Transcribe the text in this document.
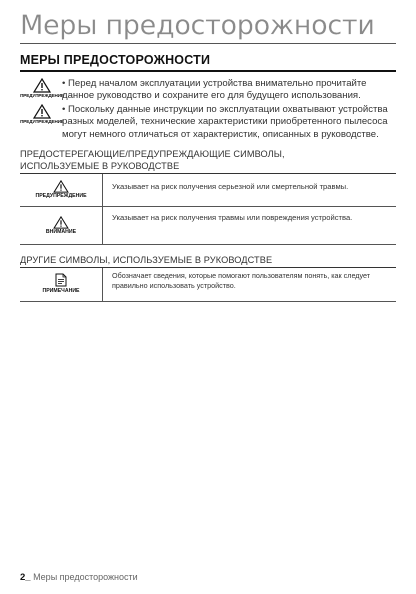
Меры предосторожности
МЕРЫ ПРЕДОСТОРОЖНОСТИ
ПРЕДУПРЕЖДЕНИЕ
• Перед началом эксплуатации устройства внимательно прочитайте данное руководство и сохраните его для будущего использования.
ПРЕДУПРЕЖДЕНИЕ
• Поскольку данные инструкции по эксплуатации охватывают устройства разных моделей, технические характеристики приобретенного пылесоса могут немного отличаться от характеристик, описанных в руководстве.
ПРЕДОСТЕРЕГАЮЩИЕ/ПРЕДУПРЕЖДАЮЩИЕ СИМВОЛЫ,
ИСПОЛЬЗУЕМЫЕ В РУКОВОДСТВЕ
ПРЕДУПРЕЖДЕНИЕ
Указывает на риск получения серьезной или смертельной травмы.
ВНИМАНИЕ
Указывает на риск получения травмы или повреждения устройства.
ДРУГИЕ СИМВОЛЫ, ИСПОЛЬЗУЕМЫЕ В РУКОВОДСТВЕ
ПРИМЕЧАНИЕ
Обозначает сведения, которые помогают пользователям понять, как следует правильно использовать устройство.
2_ Меры предосторожности
